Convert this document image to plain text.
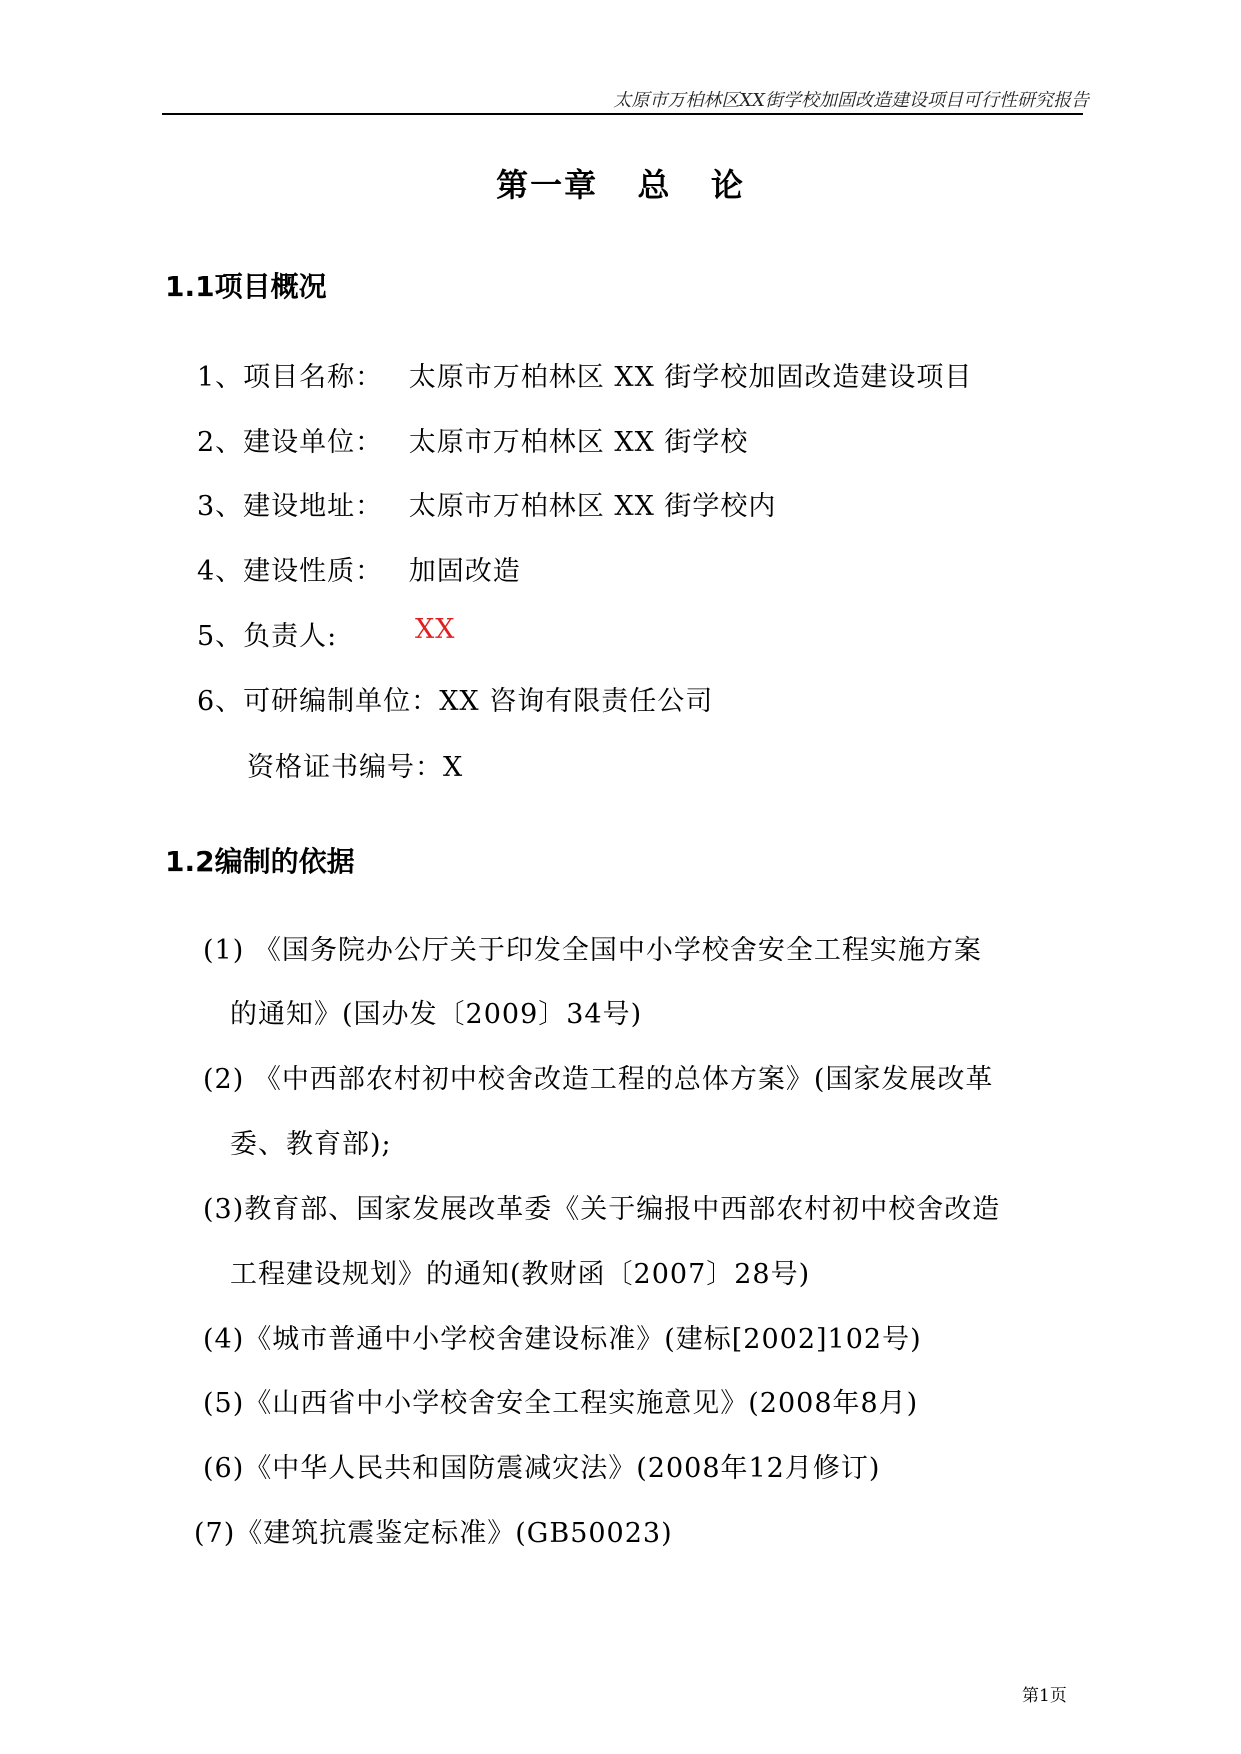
太原市万柏林区XX街学校加固改造建设项目可行性研究报告
第一章   总   论
1.1项目概况
1、项目名称： 太原市万柏林区 XX 街学校加固改造建设项目
2、建设单位： 太原市万柏林区 XX 街学校
3、建设地址： 太原市万柏林区 XX 街学校内
4、建设性质： 加固改造
5、负责人:	XX
6、可研编制单位：XX 咨询有限责任公司
资格证书编号：X
1.2编制的依据
(1) 《国务院办公厅关于印发全国中小学校舍安全工程实施方案
的通知》(国办发〔2009〕34号)
(2) 《中西部农村初中校舍改造工程的总体方案》(国家发展改革
委、教育部);
(3)教育部、国家发展改革委《关于编报中西部农村初中校舍改造
工程建设规划》的通知(教财函〔2007〕28号)
(4)《城市普通中小学校舍建设标准》(建标[2002]102号)
(5)《山西省中小学校舍安全工程实施意见》(2008年8月)
(6)《中华人民共和国防震减灾法》(2008年12月修订)
(7)《建筑抗震鉴定标准》(GB50023)
第1页
